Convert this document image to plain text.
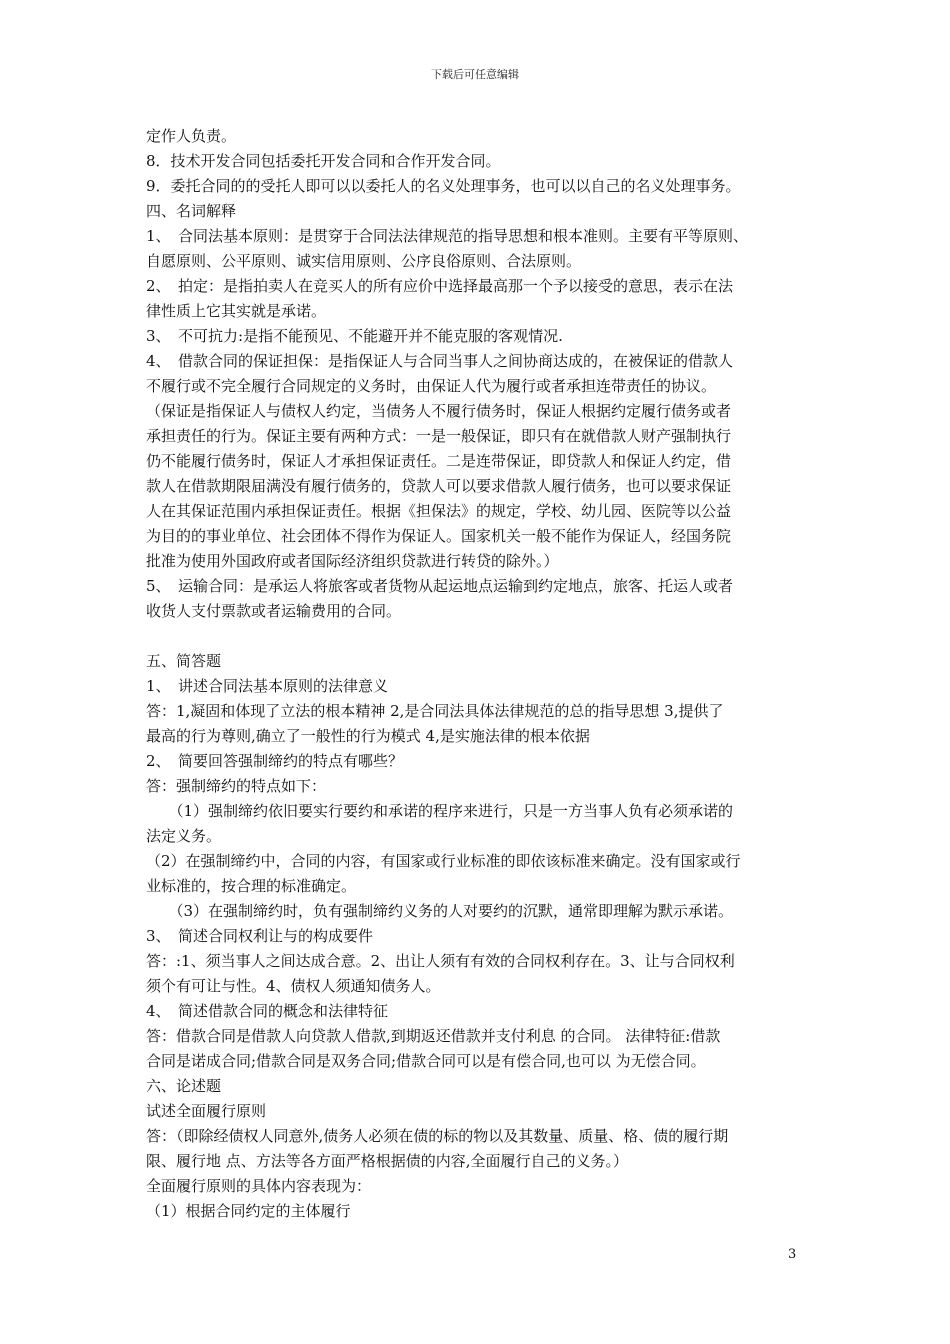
下载后可任意编辑
定作人负责。
8．技术开发合同包括委托开发合同和合作开发合同。
9．委托合同的的受托人即可以以委托人的名义处理事务，也可以以自己的名义处理事务。
四、名词解释
1、　合同法基本原则：是贯穿于合同法法律规范的指导思想和根本准则。主要有平等原则、
自愿原则、公平原则、诚实信用原则、公序良俗原则、合法原则。
2、　拍定：是指拍卖人在竞买人的所有应价中选择最高那一个予以接受的意思，表示在法
律性质上它其实就是承诺。
3、　不可抗力:是指不能预见、不能避开并不能克服的客观情况.
4、　借款合同的保证担保：是指保证人与合同当事人之间协商达成的，在被保证的借款人
不履行或不完全履行合同规定的义务时，由保证人代为履行或者承担连带责任的协议。
（保证是指保证人与债权人约定，当债务人不履行债务时，保证人根据约定履行债务或者
承担责任的行为。保证主要有两种方式：一是一般保证，即只有在就借款人财产强制执行
仍不能履行债务时，保证人才承担保证责任。二是连带保证，即贷款人和保证人约定，借
款人在借款期限届满没有履行债务的，贷款人可以要求借款人履行债务，也可以要求保证
人在其保证范围内承担保证责任。根据《担保法》的规定，学校、幼儿园、医院等以公益
为目的的事业单位、社会团体不得作为保证人。国家机关一般不能作为保证人，经国务院
批准为使用外国政府或者国际经济组织贷款进行转贷的除外。）
5、　运输合同：是承运人将旅客或者货物从起运地点运输到约定地点，旅客、托运人或者
收货人支付票款或者运输费用的合同。
五、简答题
1、　讲述合同法基本原则的法律意义
答：1,凝固和体现了立法的根本精神 2,是合同法具体法律规范的总的指导思想 3,提供了
最高的行为尊则,确立了一般性的行为模式 4,是实施法律的根本依据
2、　简要回答强制缔约的特点有哪些？
答：强制缔约的特点如下：
　　（1）强制缔约依旧要实行要约和承诺的程序来进行，只是一方当事人负有必须承诺的
法定义务。
（2）在强制缔约中，合同的内容，有国家或行业标准的即依该标准来确定。没有国家或行
业标准的，按合理的标准确定。
　　（3）在强制缔约时，负有强制缔约义务的人对要约的沉默，通常即理解为默示承诺。
3、　简述合同权利让与的构成要件
答：:1、须当事人之间达成合意。2、出让人须有有效的合同权利存在。3、让与合同权利
须个有可让与性。4、债权人须通知债务人。
4、　简述借款合同的概念和法律特征
答：借款合同是借款人向贷款人借款,到期返还借款并支付利息 的合同。 法律特征:借款
合同是诺成合同;借款合同是双务合同;借款合同可以是有偿合同,也可以 为无偿合同。
六、论述题
试述全面履行原则
答：（即除经债权人同意外,债务人必须在债的标的物以及其数量、质量、格、债的履行期
限、履行地 点、方法等各方面严格根据债的内容,全面履行自己的义务。）
全面履行原则的具体内容表现为：
（1）根据合同约定的主体履行
3
